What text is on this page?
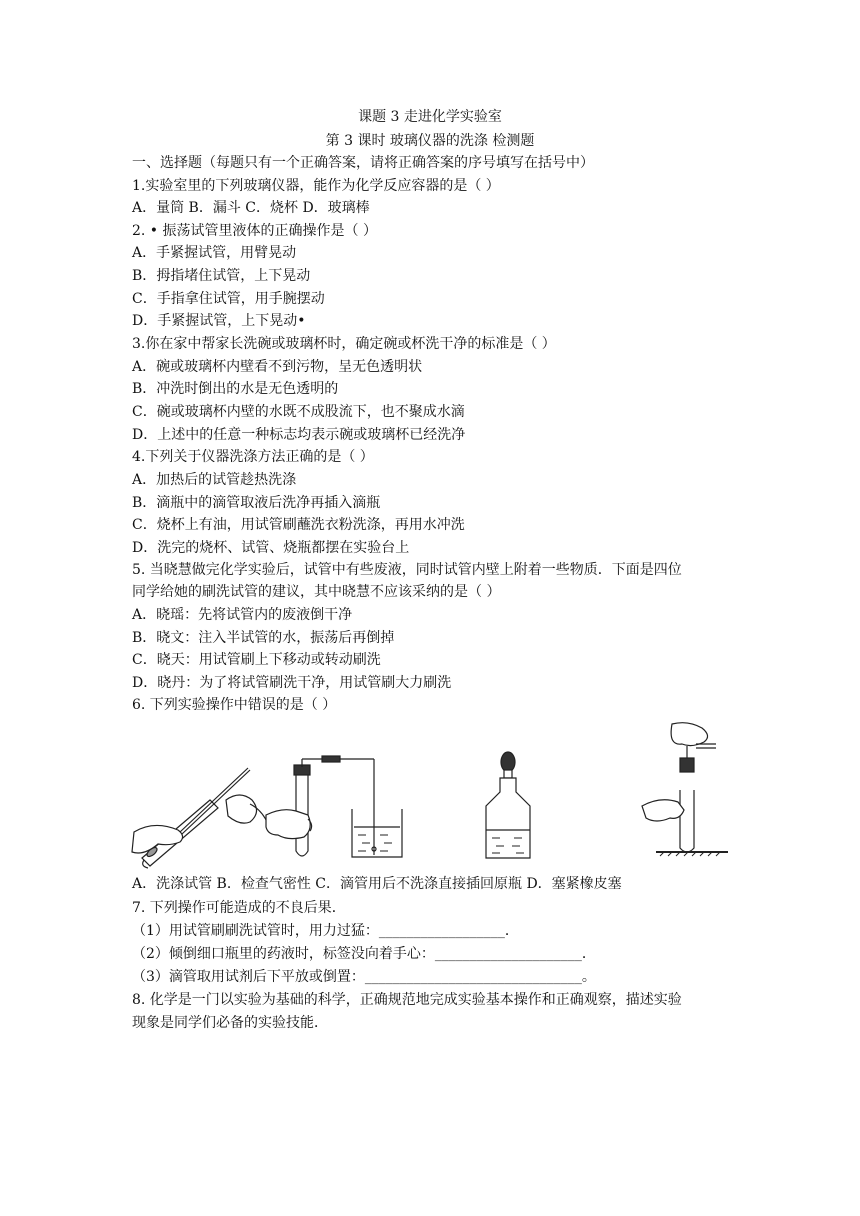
课题 3 走进化学实验室
第 3 课时 玻璃仪器的洗涤 检测题
一、选择题（每题只有一个正确答案，请将正确答案的序号填写在括号中）
1.实验室里的下列玻璃仪器，能作为化学反应容器的是（ ）
A．量筒 B．漏斗 C．烧杯 D．玻璃棒
2. • 振荡试管里液体的正确操作是（ ）
A．手紧握试管，用臂晃动
B．拇指堵住试管，上下晃动
C．手指拿住试管，用手腕摆动
D．手紧握试管，上下晃动•
3.你在家中帮家长洗碗或玻璃杯时，确定碗或杯洗干净的标准是（ ）
A．碗或玻璃杯内壁看不到污物，呈无色透明状
B．冲洗时倒出的水是无色透明的
C．碗或玻璃杯内壁的水既不成股流下，也不聚成水滴
D．上述中的任意一种标志均表示碗或玻璃杯已经洗净
4.下列关于仪器洗涤方法正确的是（ ）
A．加热后的试管趁热洗涤
B．滴瓶中的滴管取液后洗净再插入滴瓶
C．烧杯上有油，用试管刷蘸洗衣粉洗涤，再用水冲洗
D．洗完的烧杯、试管、烧瓶都摆在实验台上
5. 当晓慧做完化学实验后，试管中有些废液，同时试管内壁上附着一些物质．下面是四位
同学给她的刷洗试管的建议，其中晓慧不应该采纳的是（ ）
A．晓瑶：先将试管内的废液倒干净
B．晓文：注入半试管的水，振荡后再倒掉
C．晓天：用试管刷上下移动或转动刷洗
D．晓丹：为了将试管刷洗干净，用试管刷大力刷洗
6. 下列实验操作中错误的是（ ）
A．洗涤试管 B．检查气密性 C．滴管用后不洗涤直接插回原瓶 D．塞紧橡皮塞
7. 下列操作可能造成的不良后果．
（1）用试管刷刷洗试管时，用力过猛：__________________．
（2）倾倒细口瓶里的药液时，标签没向着手心：_____________________．
（3）滴管取用试剂后下平放或倒置：_______________________________。
8. 化学是一门以实验为基础的科学，正确规范地完成实验基本操作和正确观察，描述实验
现象是同学们必备的实验技能．
